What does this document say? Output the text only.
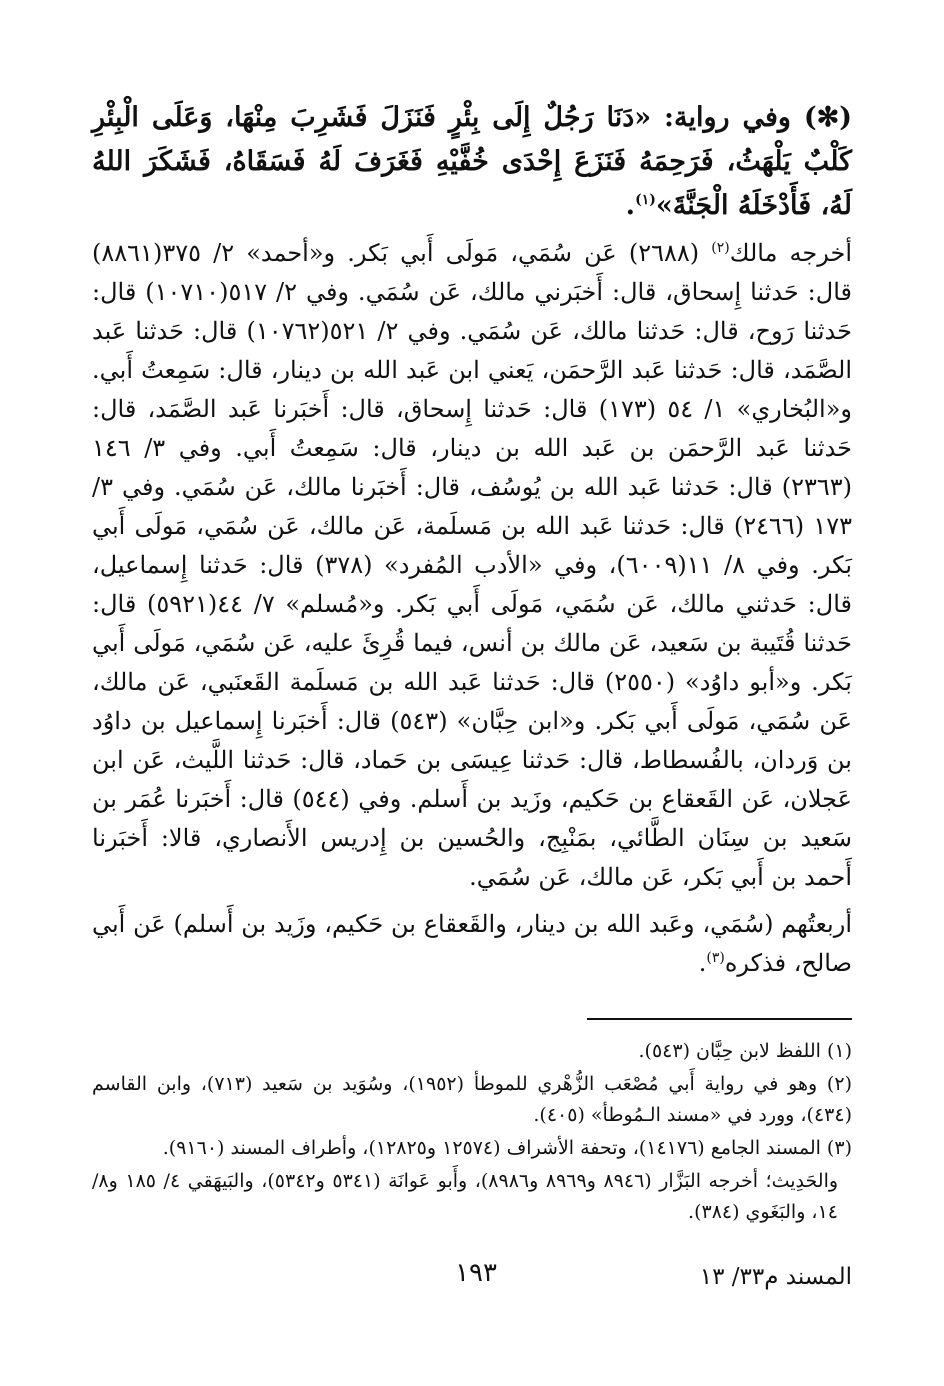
(✻) وفي رواية: «دَنَا رَجُلٌ إِلَى بِئْرٍ فَنَزَلَ فَشَرِبَ مِنْهَا، وَعَلَى الْبِئْرِ كَلْبٌ يَلْهَثُ، فَرَحِمَهُ فَنَزَعَ إِحْدَى خُفَّيْهِ فَغَرَفَ لَهُ فَسَقَاهُ، فَشَكَرَ اللهُ لَهُ، فَأَدْخَلَهُ الْجَنَّةَ»$^{(١)}$.

أخرجه مالك$^{(٢)}$ (٢٦٨٨) عَن سُمَي، مَولَى أَبي بَكر. و«أحمد» ٢/ ٣٧٥(٨٨٦١) قال: حَدثنا إِسحاق، قال: أَخبَرني مالك، عَن سُمَي. وفي ٢/ ٥١٧(١٠٧١٠) قال: حَدثنا رَوح، قال: حَدثنا مالك، عَن سُمَي. وفي ٢/ ٥٢١(١٠٧٦٢) قال: حَدثنا عَبد الصَّمَد، قال: حَدثنا عَبد الرَّحمَن، يَعني ابن عَبد الله بن دينار، قال: سَمِعتُ أَبي. و«البُخاري» ١/ ٥٤ (١٧٣) قال: حَدثنا إِسحاق، قال: أَخبَرنا عَبد الصَّمَد، قال: حَدثنا عَبد الرَّحمَن بن عَبد الله بن دينار، قال: سَمِعتُ أَبي. وفي ٣/ ١٤٦ (٢٣٦٣) قال: حَدثنا عَبد الله بن يُوسُف، قال: أَخبَرنا مالك، عَن سُمَي. وفي ٣/ ١٧٣ (٢٤٦٦) قال: حَدثنا عَبد الله بن مَسلَمة، عَن مالك، عَن سُمَي، مَولَى أَبي بَكر. وفي ٨/ ١١(٦٠٠٩)، وفي «الأدب المُفرد» (٣٧٨) قال: حَدثنا إِسماعيل، قال: حَدثني مالك، عَن سُمَي، مَولَى أَبي بَكر. و«مُسلم» ٧/ ٤٤(٥٩٢١) قال: حَدثنا قُتَيبة بن سَعيد، عَن مالك بن أنس، فيما قُرِئَ عليه، عَن سُمَي، مَولَى أَبي بَكر. و«أبو داوُد» (٢٥٥٠) قال: حَدثنا عَبد الله بن مَسلَمة القَعنَبي، عَن مالك، عَن سُمَي، مَولَى أَبي بَكر. و«ابن حِبَّان» (٥٤٣) قال: أَخبَرنا إِسماعيل بن داوُد بن وَردان، بالفُسطاط، قال: حَدثنا عِيسَى بن حَماد، قال: حَدثنا اللَّيث، عَن ابن عَجلان، عَن القَعقاع بن حَكيم، وزَيد بن أَسلم. وفي (٥٤٤) قال: أَخبَرنا عُمَر بن سَعيد بن سِنَان الطَّائي، بمَنْبِج، والحُسين بن إِدريس الأَنصاري، قالا: أَخبَرنا أَحمد بن أَبي بَكر، عَن مالك، عَن سُمَي.

أربعتُهم (سُمَي، وعَبد الله بن دينار، والقَعقاع بن حَكيم، وزَيد بن أَسلم) عَن أَبي صالح، فذكره$^{(٣)}$.

(١) اللفظ لابن حِبَّان (٥٤٣).

(٢) وهو في رواية أَبي مُصْعَب الزُّهْري للموطأ (١٩٥٢)، وسُوَيد بن سَعيد (٧١٣)، وابن القاسم (٤٣٤)، وورد في «مسند الـمُوطأ» (٤٠٥).

(٣) المسند الجامع (١٤١٧٦)، وتحفة الأشراف (١٢٥٧٤ و١٢٨٢٥)، وأطراف المسند (٩١٦٠).

والحَدِيث؛ أخرجه البَزَّار (٨٩٤٦ و٨٩٦٩ و٨٩٨٦)، وأَبو عَوانَة (٥٣٤١ و٥٣٤٢)، والبَيهَقي ٤/ ١٨٥ و٨/ ١٤، والبَغَوي (٣٨٤).

المسند م٣٣/ ١٣
١٩٣
